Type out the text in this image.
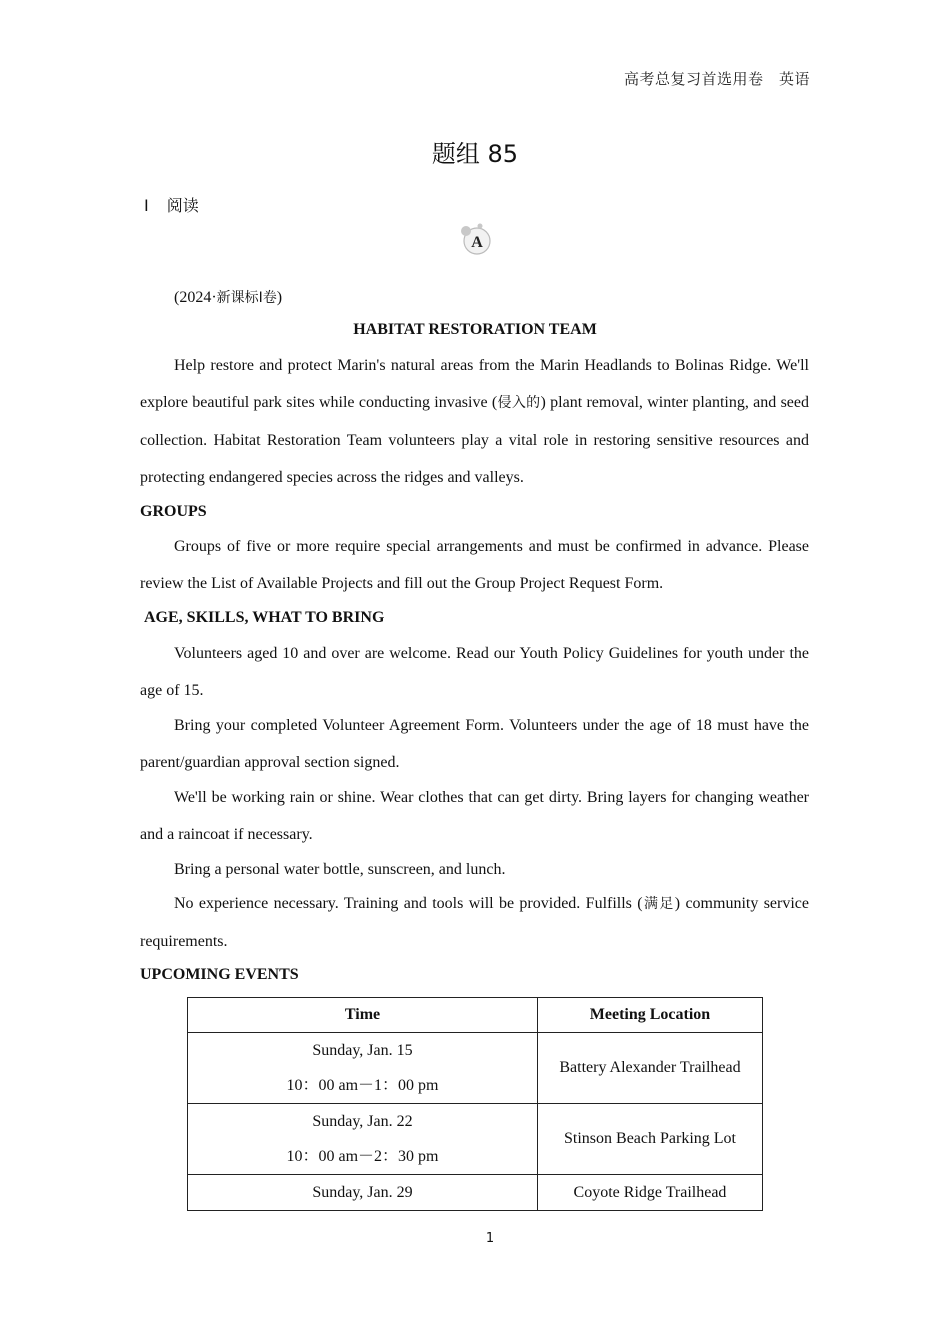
高考总复习首选用卷　英语
题组 85
Ⅰ 阅读
A
(2024·新课标Ⅰ卷)
HABITAT RESTORATION TEAM
Help restore and protect Marin's natural areas from the Marin Headlands to Bolinas Ridge. We'll explore beautiful park sites while conducting invasive (侵入的) plant removal, winter planting, and seed collection. Habitat Restoration Team volunteers play a vital role in restoring sensitive resources and protecting endangered species across the ridges and valleys.
GROUPS
Groups of five or more require special arrangements and must be confirmed in advance. Please review the List of Available Projects and fill out the Group Project Request Form.
AGE, SKILLS, WHAT TO BRING
Volunteers aged 10 and over are welcome. Read our Youth Policy Guidelines for youth under the age of 15.
Bring your completed Volunteer Agreement Form. Volunteers under the age of 18 must have the parent/guardian approval section signed.
We'll be working rain or shine. Wear clothes that can get dirty. Bring layers for changing weather and a raincoat if necessary.
Bring a personal water bottle, sunscreen, and lunch.
No experience necessary. Training and tools will be provided. Fulfills (满足) community service requirements.
UPCOMING EVENTS
Time	Meeting Location

Sunday, Jan. 15
10：00 am－1：00 pm	Battery Alexander Trailhead

Sunday, Jan. 22
10：00 am－2：30 pm	Stinson Beach Parking Lot

Sunday, Jan. 29	Coyote Ridge Trailhead
1
